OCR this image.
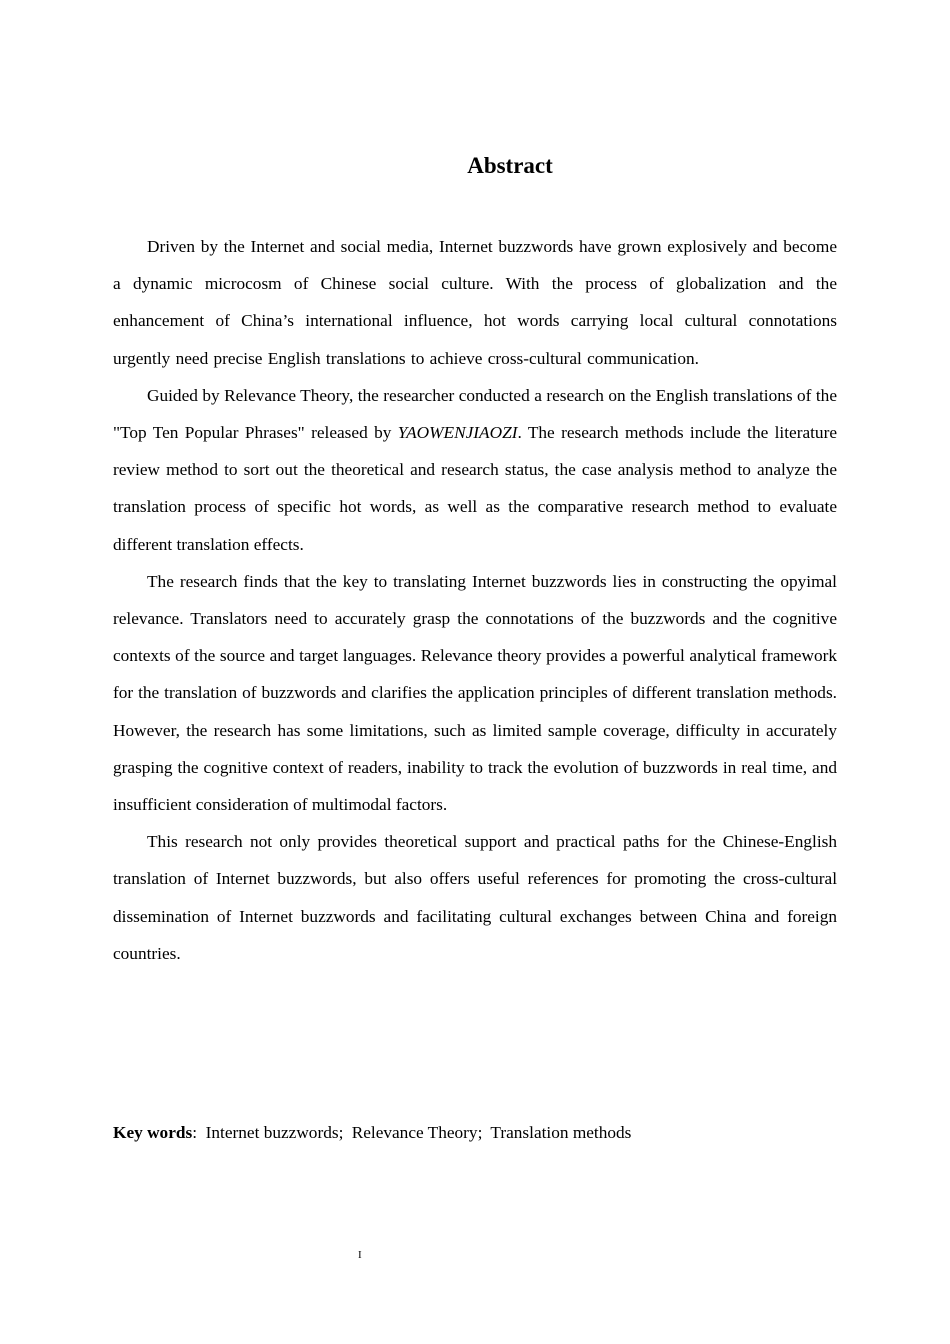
Abstract

Driven by the Internet and social media, Internet buzzwords have grown explosively and become a dynamic microcosm of Chinese social culture. With the process of globalization and the enhancement of China’s international influence, hot words carrying local cultural connotations urgently need precise English translations to achieve cross-cultural communication.

Guided by Relevance Theory, the researcher conducted a research on the English translations of the "Top Ten Popular Phrases" released by YAOWENJIAOZI. The research methods include the literature review method to sort out the theoretical and research status, the case analysis method to analyze the translation process of specific hot words, as well as the comparative research method to evaluate different translation effects.

The research finds that the key to translating Internet buzzwords lies in constructing the opyimal relevance. Translators need to accurately grasp the connotations of the buzzwords and the cognitive contexts of the source and target languages. Relevance theory provides a powerful analytical framework for the translation of buzzwords and clarifies the application principles of different translation methods. However, the research has some limitations, such as limited sample coverage, difficulty in accurately grasping the cognitive context of readers, inability to track the evolution of buzzwords in real time, and insufficient consideration of multimodal factors.

This research not only provides theoretical support and practical paths for the Chinese-English translation of Internet buzzwords, but also offers useful references for promoting the cross-cultural dissemination of Internet buzzwords and facilitating cultural exchanges between China and foreign countries.

Key words: Internet buzzwords; Relevance Theory; Translation methods

I
